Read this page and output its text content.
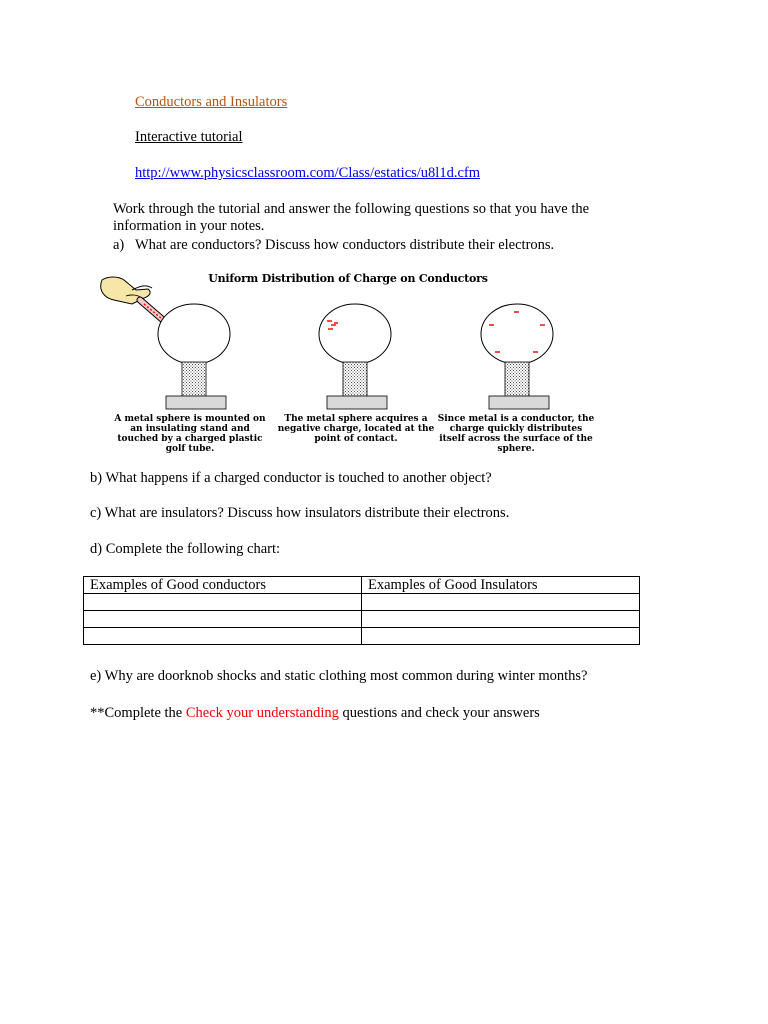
Conductors and Insulators
Interactive tutorial
http://www.physicsclassroom.com/Class/estatics/u8l1d.cfm
Work through the tutorial and answer the following questions so that you have the
information in your notes.
a) What are conductors? Discuss how conductors distribute their electrons.
Uniform Distribution of Charge on Conductors
A metal sphere is mounted on an insulating stand and touched by a charged plastic golf tube.
The metal sphere acquires a negative charge, located at the point of contact.
Since metal is a conductor, the charge quickly distributes itself across the surface of the sphere.
b) What happens if a charged conductor is touched to another object?
c) What are insulators? Discuss how insulators distribute their electrons.
d) Complete the following chart:
Examples of Good conductors	Examples of Good Insulators

e) Why are doorknob shocks and static clothing most common during winter months?
**Complete the Check your understanding questions and check your answers
